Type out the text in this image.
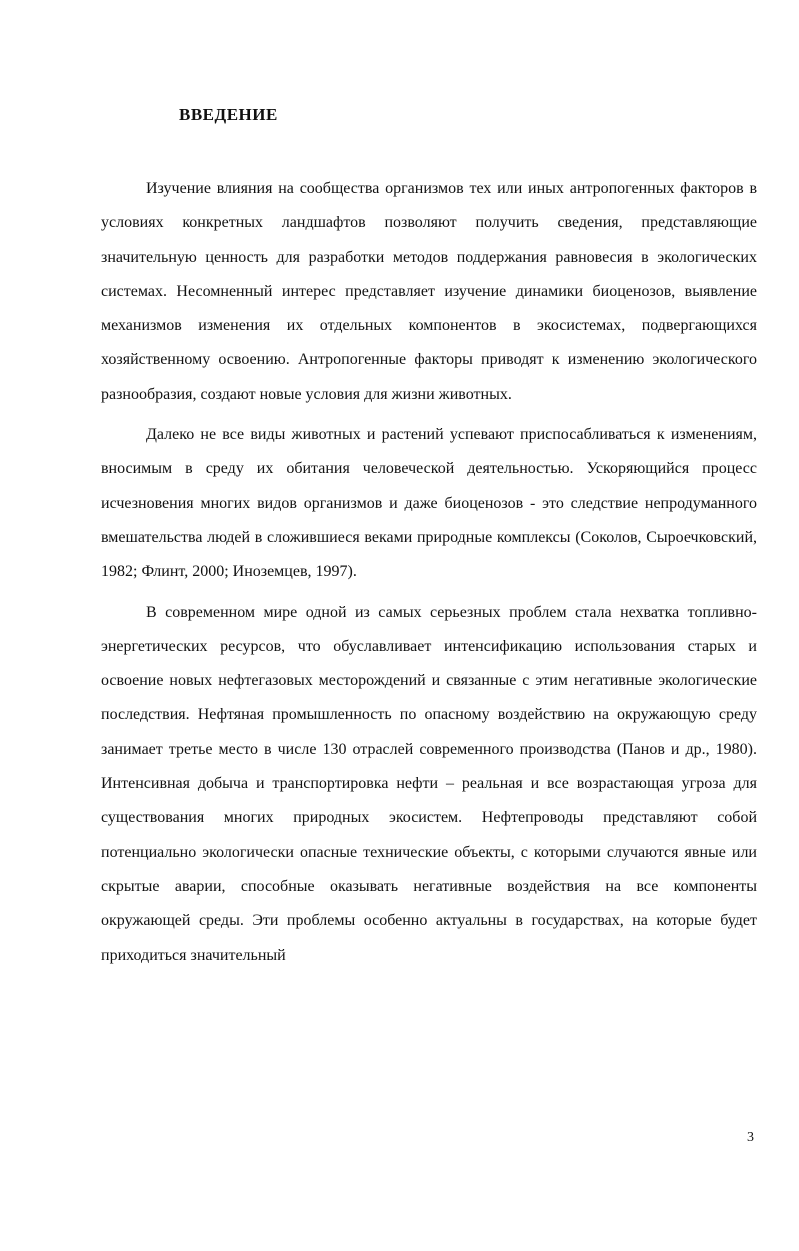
ВВЕДЕНИЕ

Изучение влияния на сообщества организмов тех или иных антропогенных факторов в условиях конкретных ландшафтов позволяют получить сведения, представляющие значительную ценность для разработки методов поддержания равновесия в экологических системах. Несомненный интерес представляет изучение динамики биоценозов, выявление механизмов изменения их отдельных компонентов в экосистемах, подвергающихся хозяйственному освоению. Антропогенные факторы приводят к изменению экологического разнообразия, создают новые условия для жизни животных.

Далеко не все виды животных и растений успевают приспосабливаться к изменениям, вносимым в среду их обитания человеческой деятельностью. Ускоряющийся процесс исчезновения многих видов организмов и даже биоценозов - это следствие непродуманного вмешательства людей в сложившиеся веками природные комплексы (Соколов, Сыроечковский, 1982; Флинт, 2000; Иноземцев, 1997).

В современном мире одной из самых серьезных проблем стала нехватка топливно-энергетических ресурсов, что обуславливает интенсификацию использования старых и освоение новых нефтегазовых месторождений и связанные с этим негативные экологические последствия. Нефтяная промышленность по опасному воздействию на окружающую среду занимает третье место в числе 130 отраслей современного производства (Панов и др., 1980). Интенсивная добыча и транспортировка нефти – реальная и все возрастающая угроза для существования многих природных экосистем. Нефтепроводы представляют собой потенциально экологически опасные технические объекты, с которыми случаются явные или скрытые аварии, способные оказывать негативные воздействия на все компоненты окружающей среды. Эти проблемы особенно актуальны в государствах, на которые будет приходиться значительный

3
